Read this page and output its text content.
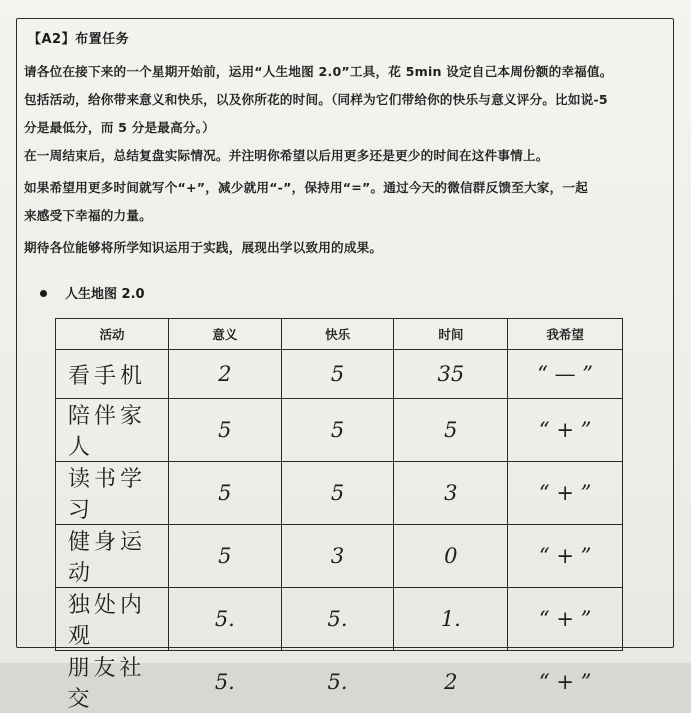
【A2】布置任务
请各位在接下来的一个星期开始前，运用“人生地图 2.0”工具，花 5min 设定自己本周份额的幸福值。
包括活动，给你带来意义和快乐，以及你所花的时间。（同样为它们带给你的快乐与意义评分。比如说-5
分是最低分，而 5 分是最高分。）
在一周结束后，总结复盘实际情况。并注明你希望以后用更多还是更少的时间在这件事情上。
如果希望用更多时间就写个“+”，减少就用“-”，保持用“=”。通过今天的微信群反馈至大家，一起
来感受下幸福的力量。
期待各位能够将所学知识运用于实践，展现出学以致用的成果。
人生地图 2.0
活动	意义	快乐	时间	我希望
看手机	2	5	35	“ — ”
陪伴家人	5	5	5	“ + ”
读书学习	5	5	3	“ + ”
健身运动	5	3	0	“ + ”
独处内观	5.	5.	1.	“ + ”
朋友社交	5.	5.	2	“ + ”
